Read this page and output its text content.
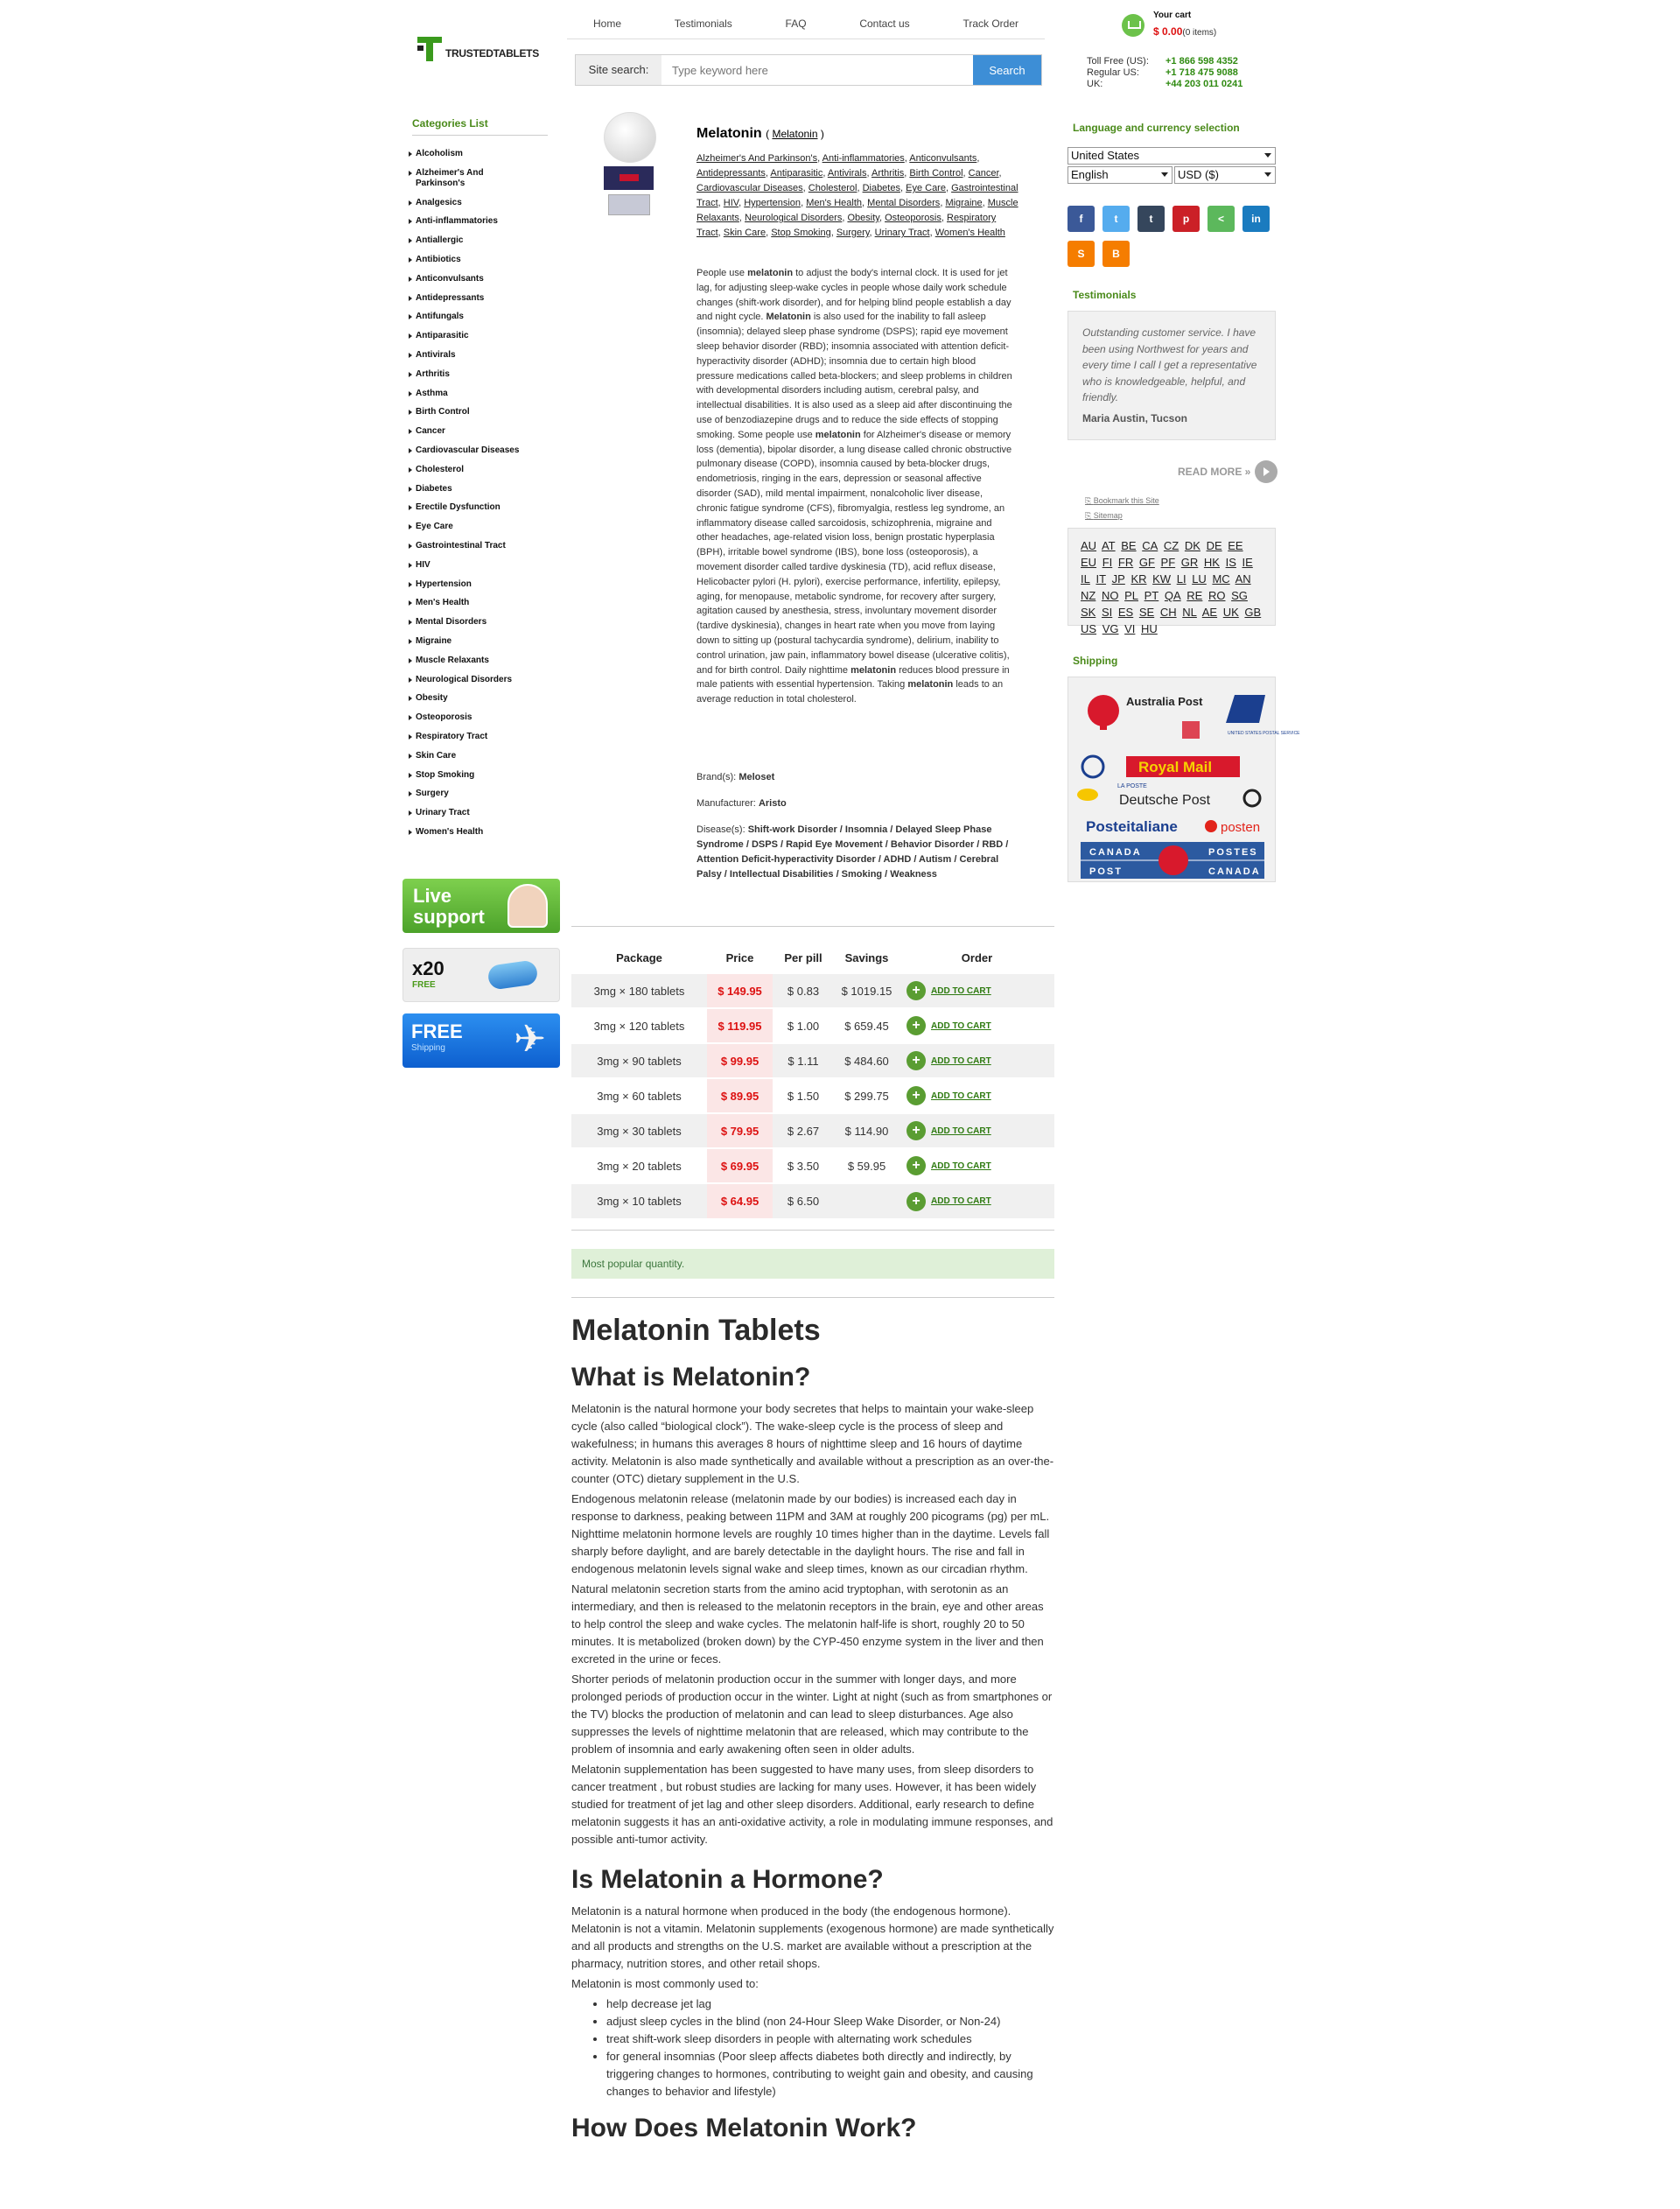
TRUSTEDTABLETS
Home	Testimonials	FAQ	Contact us	Track Order
Site search:
Type keyword here	Search
Your cart
$ 0.00(0 items)
Toll Free (US):	+1 866 598 4352
Regular US:	+1 718 475 9088
UK:	+44 203 011 0241
Categories List
Alcoholism
Alzheimer's And Parkinson's
Analgesics
Anti-inflammatories
Antiallergic
Antibiotics
Anticonvulsants
Antidepressants
Antifungals
Antiparasitic
Antivirals
Arthritis
Asthma
Birth Control
Cancer
Cardiovascular Diseases
Cholesterol
Diabetes
Erectile Dysfunction
Eye Care
Gastrointestinal Tract
HIV
Hypertension
Men's Health
Mental Disorders
Migraine
Muscle Relaxants
Neurological Disorders
Obesity
Osteoporosis
Respiratory Tract
Skin Care
Stop Smoking
Surgery
Urinary Tract
Women's Health
Live support
x20
FREE
FREE
Shipping ✈
Language and currency selection
United States
English	USD ($)
f	t	t	p	<	in
S	B
Testimonials
Outstanding customer service. I have been using Northwest for years and every time I call I get a representative who is knowledgeable, helpful, and friendly.
Maria Austin, Tucson
READ MORE »
⎘ Bookmark this Site
⎘ Sitemap
AU AT BE CA CZ DK DE EE EU FI FR GF PF GR HK IS IE IL IT JP KR KW LI LU MC AN NZ NO PL PT QA RE RO SG SK SI ES SE CH NL AE UK GB US VG VI HU
Shipping
Australia Post
UNITED STATES POSTAL SERVICE
Royal Mail
LA POSTE
Deutsche Post
Posteitaliane	posten
CANADA	POSTES
POST	CANADA
Melatonin ( Melatonin )
Alzheimer's And Parkinson's, Anti-inflammatories, Anticonvulsants, Antidepressants, Antiparasitic, Antivirals, Arthritis, Birth Control, Cancer, Cardiovascular Diseases, Cholesterol, Diabetes, Eye Care, Gastrointestinal Tract, HIV, Hypertension, Men's Health, Mental Disorders, Migraine, Muscle Relaxants, Neurological Disorders, Obesity, Osteoporosis, Respiratory Tract, Skin Care, Stop Smoking, Surgery, Urinary Tract, Women's Health
People use melatonin to adjust the body's internal clock. It is used for jet lag, for adjusting sleep-wake cycles in people whose daily work schedule changes (shift-work disorder), and for helping blind people establish a day and night cycle. Melatonin is also used for the inability to fall asleep (insomnia); delayed sleep phase syndrome (DSPS); rapid eye movement sleep behavior disorder (RBD); insomnia associated with attention deficit-hyperactivity disorder (ADHD); insomnia due to certain high blood pressure medications called beta-blockers; and sleep problems in children with developmental disorders including autism, cerebral palsy, and intellectual disabilities. It is also used as a sleep aid after discontinuing the use of benzodiazepine drugs and to reduce the side effects of stopping smoking. Some people use melatonin for Alzheimer's disease or memory loss (dementia), bipolar disorder, a lung disease called chronic obstructive pulmonary disease (COPD), insomnia caused by beta-blocker drugs, endometriosis, ringing in the ears, depression or seasonal affective disorder (SAD), mild mental impairment, nonalcoholic liver disease, chronic fatigue syndrome (CFS), fibromyalgia, restless leg syndrome, an inflammatory disease called sarcoidosis, schizophrenia, migraine and other headaches, age-related vision loss, benign prostatic hyperplasia (BPH), irritable bowel syndrome (IBS), bone loss (osteoporosis), a movement disorder called tardive dyskinesia (TD), acid reflux disease, Helicobacter pylori (H. pylori), exercise performance, infertility, epilepsy, aging, for menopause, metabolic syndrome, for recovery after surgery, agitation caused by anesthesia, stress, involuntary movement disorder (tardive dyskinesia), changes in heart rate when you move from laying down to sitting up (postural tachycardia syndrome), delirium, inability to control urination, jaw pain, inflammatory bowel disease (ulcerative colitis), and for birth control. Daily nighttime melatonin reduces blood pressure in male patients with essential hypertension. Taking melatonin leads to an average reduction in total cholesterol.
Brand(s): Meloset
Manufacturer: Aristo
Disease(s): Shift-work Disorder / Insomnia / Delayed Sleep Phase Syndrome / DSPS / Rapid Eye Movement / Behavior Disorder / RBD / Attention Deficit-hyperactivity Disorder / ADHD / Autism / Cerebral Palsy / Intellectual Disabilities / Smoking / Weakness
Package	Price	Per pill	Savings	Order
3mg × 180 tablets	$ 149.95	$ 0.83	$ 1019.15	+ ADD TO CART

3mg × 120 tablets	$ 119.95	$ 1.00	$ 659.45	+ ADD TO CART

3mg × 90 tablets	$ 99.95	$ 1.11	$ 484.60	+ ADD TO CART

3mg × 60 tablets	$ 89.95	$ 1.50	$ 299.75	+ ADD TO CART

3mg × 30 tablets	$ 79.95	$ 2.67	$ 114.90	+ ADD TO CART

3mg × 20 tablets	$ 69.95	$ 3.50	$ 59.95	+ ADD TO CART

3mg × 10 tablets	$ 64.95	$ 6.50		+ ADD TO CART
Most popular quantity.
Melatonin Tablets
What is Melatonin?

Melatonin is the natural hormone your body secretes that helps to maintain your wake-sleep cycle (also called “biological clock”). The wake-sleep cycle is the process of sleep and wakefulness; in humans this averages 8 hours of nighttime sleep and 16 hours of daytime activity. Melatonin is also made synthetically and available without a prescription as an over-the-counter (OTC) dietary supplement in the U.S.

Endogenous melatonin release (melatonin made by our bodies) is increased each day in response to darkness, peaking between 11PM and 3AM at roughly 200 picograms (pg) per mL. Nighttime melatonin hormone levels are roughly 10 times higher than in the daytime. Levels fall sharply before daylight, and are barely detectable in the daylight hours. The rise and fall in endogenous melatonin levels signal wake and sleep times, known as our circadian rhythm.

Natural melatonin secretion starts from the amino acid tryptophan, with serotonin as an intermediary, and then is released to the melatonin receptors in the brain, eye and other areas to help control the sleep and wake cycles. The melatonin half-life is short, roughly 20 to 50 minutes. It is metabolized (broken down) by the CYP-450 enzyme system in the liver and then excreted in the urine or feces.

Shorter periods of melatonin production occur in the summer with longer days, and more prolonged periods of production occur in the winter. Light at night (such as from smartphones or the TV) blocks the production of melatonin and can lead to sleep disturbances. Age also suppresses the levels of nighttime melatonin that are released, which may contribute to the problem of insomnia and early awakening often seen in older adults.

Melatonin supplementation has been suggested to have many uses, from sleep disorders to cancer treatment , but robust studies are lacking for many uses. However, it has been widely studied for treatment of jet lag and other sleep disorders. Additional, early research to define melatonin suggests it has an anti-oxidative activity, a role in modulating immune responses, and possible anti-tumor activity.

Is Melatonin a Hormone?

Melatonin is a natural hormone when produced in the body (the endogenous hormone). Melatonin is not a vitamin. Melatonin supplements (exogenous hormone) are made synthetically and all products and strengths on the U.S. market are available without a prescription at the pharmacy, nutrition stores, and other retail shops.

Melatonin is most commonly used to:

• help decrease jet lag
• adjust sleep cycles in the blind (non 24-Hour Sleep Wake Disorder, or Non-24)
• treat shift-work sleep disorders in people with alternating work schedules
• for general insomnias (Poor sleep affects diabetes both directly and indirectly, by triggering changes to hormones, contributing to weight gain and obesity, and causing changes to behavior and lifestyle)
How Does Melatonin Work?
